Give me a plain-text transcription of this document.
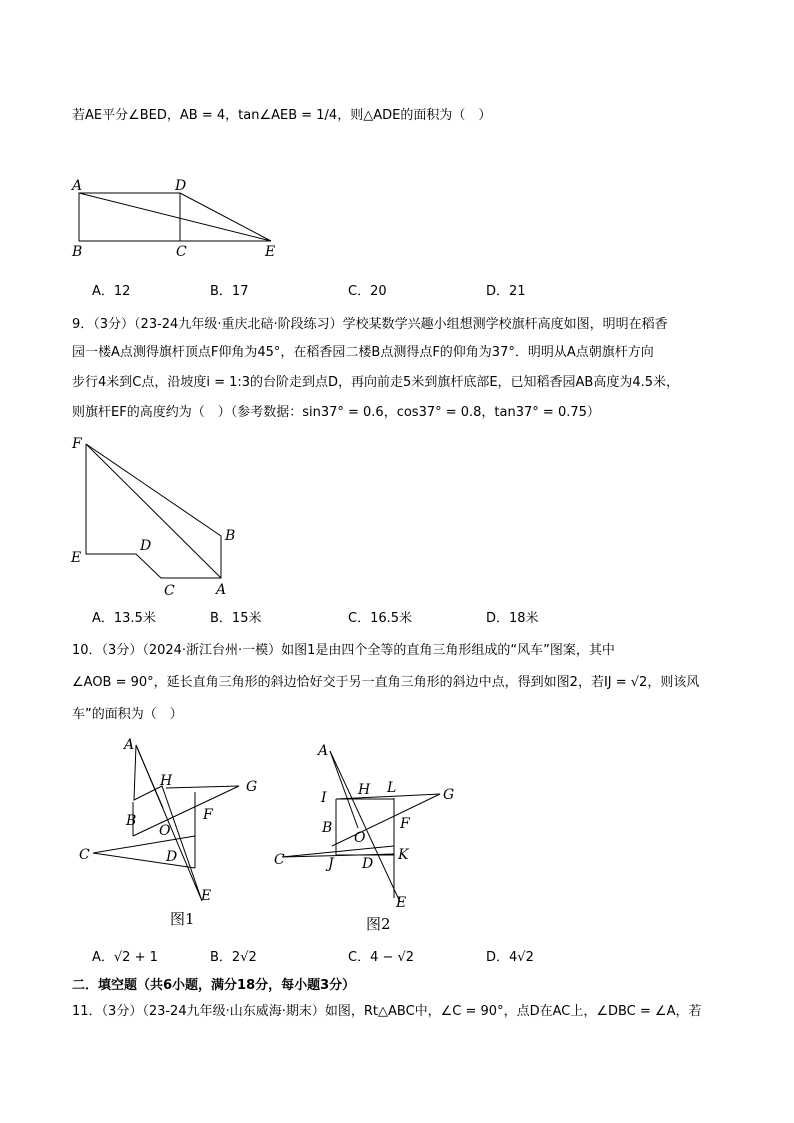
若AE平分∠BED，AB = 4，tan∠AEB = 1/4，则△ADE的面积为（　）
A	D
B	C	E
A．12	B．17	C．20	D．21
9．（3分）（23-24九年级·重庆北碚·阶段练习）学校某数学兴趣小组想测学校旗杆高度如图，明明在稻香
园一楼A点测得旗杆顶点F仰角为45°，在稻香园二楼B点测得点F的仰角为37°．明明从A点朝旗杆方向
步行4米到C点，沿坡度i = 1:3的台阶走到点D，再向前走5米到旗杆底部E，已知稻香园AB高度为4.5米，
则旗杆EF的高度约为（　）（参考数据：sin37° = 0.6，cos37° = 0.8，tan37° = 0.75）
F
B
D
E
C	A
A．13.5米	B．15米	C．16.5米	D．18米
10．（3分）（2024·浙江台州·一模）如图1是由四个全等的直角三角形组成的“风车”图案，其中
∠AOB = 90°，延长直角三角形的斜边恰好交于另一直角三角形的斜边中点，得到如图2，若IJ = √2，则该风
车”的面积为（　）
A
H	G
B	F
O
C	D
E
图1
A
H L	G
I
F
B
O
K
C	J D
E
图2
A．√2 + 1	B．2√2	C．4 − √2	D．4√2
二．填空题（共6小题，满分18分，每小题3分）
11．（3分）（23-24九年级·山东威海·期末）如图，Rt△ABC中，∠C = 90°，点D在AC上，∠DBC = ∠A，若
